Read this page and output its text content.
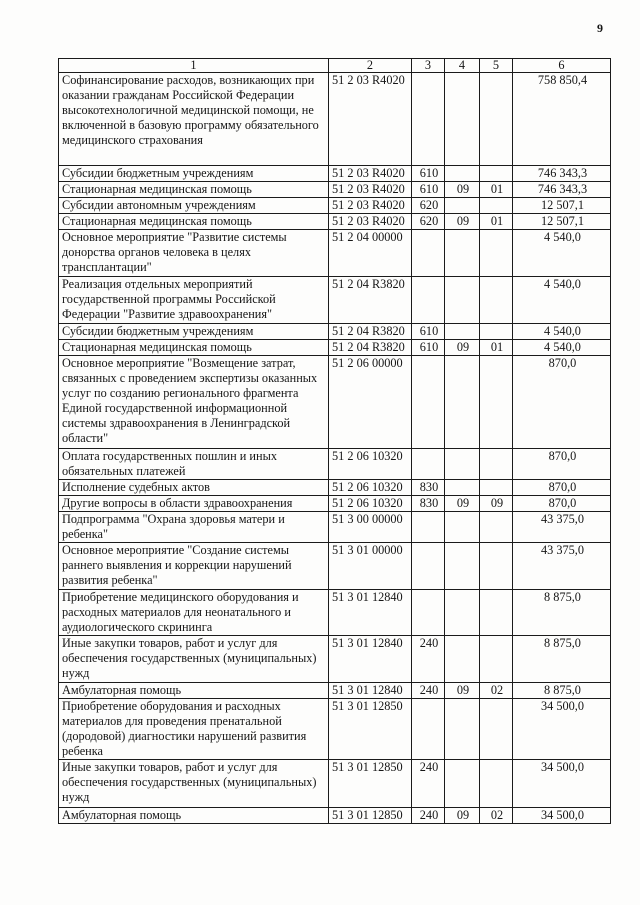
9
1	2	3	4	5	6
Софинансирование расходов, возникающих при оказании гражданам Российской Федерации высокотехнологичной медицинской помощи, не включенной в базовую программу обязательного медицинского страхования	51 2 03 R4020				758 850,4
Субсидии бюджетным учреждениям	51 2 03 R4020	610			746 343,3
Стационарная медицинская помощь	51 2 03 R4020	610	09	01	746 343,3
Субсидии автономным учреждениям	51 2 03 R4020	620			12 507,1
Стационарная медицинская помощь	51 2 03 R4020	620	09	01	12 507,1
Основное мероприятие "Развитие системы донорства органов человека в целях трансплантации"	51 2 04 00000				4 540,0
Реализация отдельных мероприятий государственной программы Российской Федерации "Развитие здравоохранения"	51 2 04 R3820				4 540,0
Субсидии бюджетным учреждениям	51 2 04 R3820	610			4 540,0
Стационарная медицинская помощь	51 2 04 R3820	610	09	01	4 540,0
Основное мероприятие "Возмещение затрат, связанных с проведением экспертизы оказанных услуг по созданию регионального фрагмента Единой государственной информационной системы здравоохранения в Ленинградской области"	51 2 06 00000				870,0
Оплата государственных пошлин и иных обязательных платежей	51 2 06 10320				870,0
Исполнение судебных актов	51 2 06 10320	830			870,0
Другие вопросы в области здравоохранения	51 2 06 10320	830	09	09	870,0
Подпрограмма "Охрана здоровья матери и ребенка"	51 3 00 00000				43 375,0
Основное мероприятие "Создание системы раннего выявления и коррекции нарушений развития ребенка"	51 3 01 00000				43 375,0
Приобретение медицинского оборудования и расходных материалов для неонатального и аудиологического скрининга	51 3 01 12840				8 875,0
Иные закупки товаров, работ и услуг для обеспечения государственных (муниципальных) нужд	51 3 01 12840	240			8 875,0
Амбулаторная помощь	51 3 01 12840	240	09	02	8 875,0
Приобретение оборудования и расходных материалов для проведения пренатальной (дородовой) диагностики нарушений развития ребенка	51 3 01 12850				34 500,0
Иные закупки товаров, работ и услуг для обеспечения государственных (муниципальных) нужд	51 3 01 12850	240			34 500,0
Амбулаторная помощь	51 3 01 12850	240	09	02	34 500,0
